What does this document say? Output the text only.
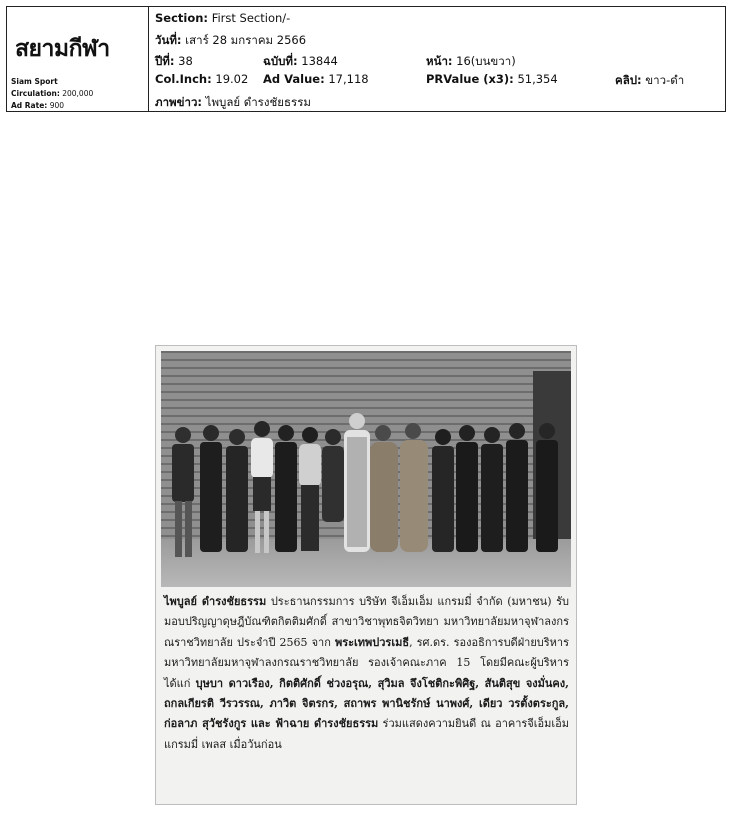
สยามกีฬา
Siam Sport
Circulation: 200,000
Ad Rate: 900
Section: First Section/-
วันที่: เสาร์ 28 มกราคม 2566
ปีที่: 38	ฉบับที่: 13844	หน้า: 16(บนขวา)
Col.Inch: 19.02 Ad Value: 17,118	PRValue (x3): 51,354	คลิป: ขาว-ดำ
ภาพข่าว: ไพบูลย์ ดำรงชัยธรรม
ไพบูลย์ ดำรงชัยธรรม ประธานกรรมการ บริษัท จีเอ็มเอ็ม แกรมมี่ จำกัด (มหาชน) รับมอบปริญญาดุษฎีบัณฑิตกิตติมศักดิ์ สาขาวิชาพุทธจิตวิทยา มหาวิทยาลัยมหาจุฬาลงกรณราชวิทยาลัย ประจำปี 2565 จาก พระเทพปวรเมธี, รศ.ดร. รองอธิการบดีฝ่ายบริหาร มหาวิทยาลัยมหาจุฬาลงกรณราชวิทยาลัย รองเจ้าคณะภาค 15 โดยมีคณะผู้บริหาร ได้แก่ บุษบา ดาวเรือง, กิตติศักดิ์ ช่วงอรุณ, สุวิมล จึงโชติกะพิศิฐ, สันติสุข จงมั่นคง, ถกลเกียรติ วีรวรรณ, ภาวิต จิตรกร, สถาพร พานิชรักษ์ นาพงศ์, เดียว วรตั้งตระกูล, ก่อลาภ สุวัชรังกูร และ ฟ้าฉาย ดำรงชัยธรรม ร่วมแสดงความยินดี ณ อาคารจีเอ็มเอ็ม แกรมมี่ เพลส เมื่อวันก่อน
